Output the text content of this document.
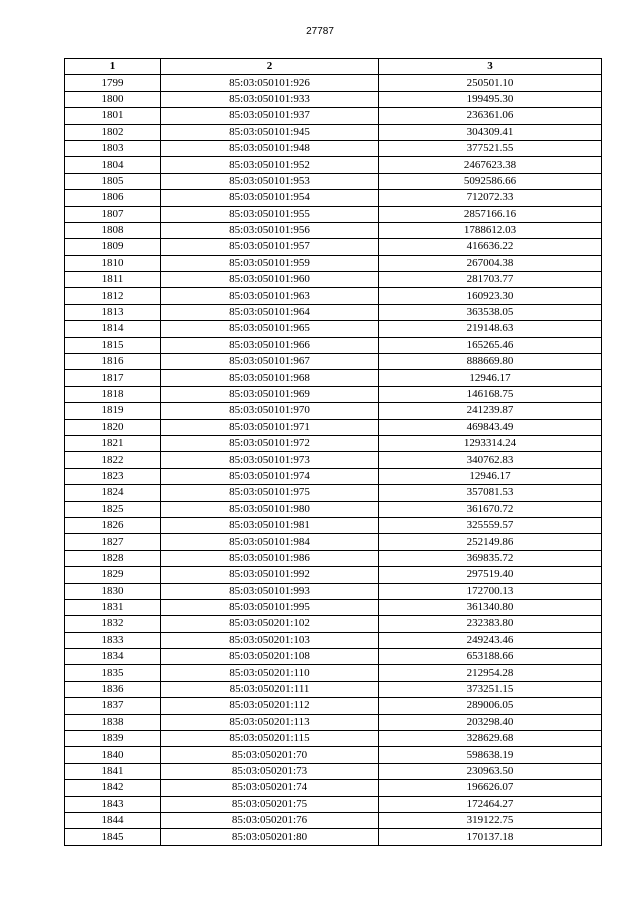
27787
1	2	3
1799	85:03:050101:926	250501.10
1800	85:03:050101:933	199495.30
1801	85:03:050101:937	236361.06
1802	85:03:050101:945	304309.41
1803	85:03:050101:948	377521.55
1804	85:03:050101:952	2467623.38
1805	85:03:050101:953	5092586.66
1806	85:03:050101:954	712072.33
1807	85:03:050101:955	2857166.16
1808	85:03:050101:956	1788612.03
1809	85:03:050101:957	416636.22
1810	85:03:050101:959	267004.38
1811	85:03:050101:960	281703.77
1812	85:03:050101:963	160923.30
1813	85:03:050101:964	363538.05
1814	85:03:050101:965	219148.63
1815	85:03:050101:966	165265.46
1816	85:03:050101:967	888669.80
1817	85:03:050101:968	12946.17
1818	85:03:050101:969	146168.75
1819	85:03:050101:970	241239.87
1820	85:03:050101:971	469843.49
1821	85:03:050101:972	1293314.24
1822	85:03:050101:973	340762.83
1823	85:03:050101:974	12946.17
1824	85:03:050101:975	357081.53
1825	85:03:050101:980	361670.72
1826	85:03:050101:981	325559.57
1827	85:03:050101:984	252149.86
1828	85:03:050101:986	369835.72
1829	85:03:050101:992	297519.40
1830	85:03:050101:993	172700.13
1831	85:03:050101:995	361340.80
1832	85:03:050201:102	232383.80
1833	85:03:050201:103	249243.46
1834	85:03:050201:108	653188.66
1835	85:03:050201:110	212954.28
1836	85:03:050201:111	373251.15
1837	85:03:050201:112	289006.05
1838	85:03:050201:113	203298.40
1839	85:03:050201:115	328629.68
1840	85:03:050201:70	598638.19
1841	85:03:050201:73	230963.50
1842	85:03:050201:74	196626.07
1843	85:03:050201:75	172464.27
1844	85:03:050201:76	319122.75
1845	85:03:050201:80	170137.18
